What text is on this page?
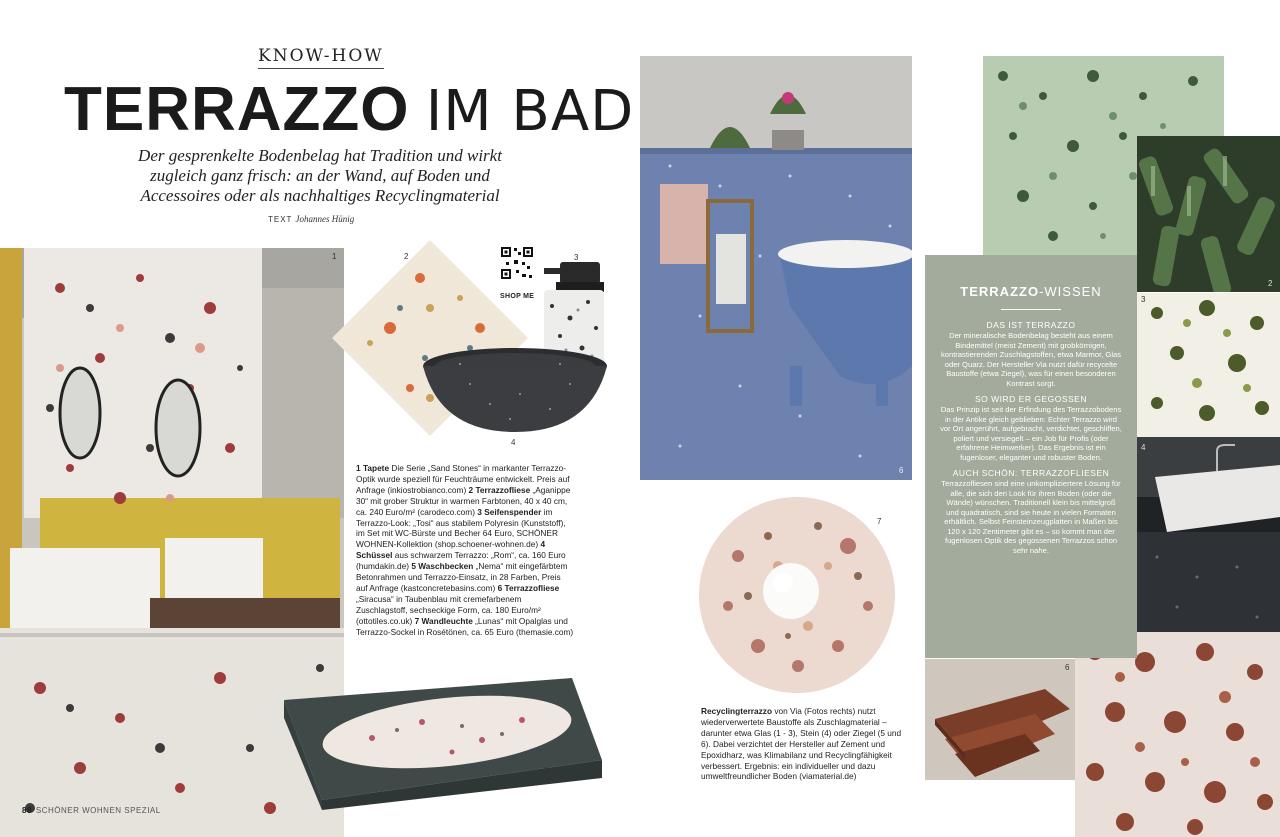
KNOW-HOW
TERRAZZO IM BAD
Der gesprenkelte Bodenbelag hat Tradition und wirkt zugleich ganz frisch: an der Wand, auf Boden und Accessoires oder als nachhaltiges Recyclingmaterial
TEXT Johannes Hünig
1	2
SHOP ME
3
4
1 Tapete Die Serie „Sand Stones“ in markanter Terrazzo-Optik wurde speziell für Feuchträume entwickelt. Preis auf Anfrage (inkiostrobianco.com) 2 Terrazzofliese „Aganippe 30“ mit grober Struktur in warmen Farbtonen, 40 x 40 cm, ca. 240 Euro/m² (carodeco.com) 3 Seifenspender im Terrazzo-Look: „Tosi“ aus stabilem Polyresin (Kunststoff), im Set mit WC-Bürste und Becher 64 Euro, SCHÖNER WOHNEN-Kollektion (shop.schoener-wohnen.de) 4 Schüssel aus schwarzem Terrazzo: „Rom“, ca. 160 Euro (humdakin.de) 5 Waschbecken „Nema“ mit eingefärbtem Betonrahmen und Terrazzo-Einsatz, in 28 Farben, Preis auf Anfrage (kastconcretebasins.com) 6 Terrazzofliese „Siracusa“ in Taubenblau mit cremefarbenem Zuschlagstoff, sechseckige Form, ca. 180 Euro/m² (ottotiles.co.uk) 7 Wandleuchte „Lunas“ mit Opalglas und Terrazzo-Sockel in Rosétönen, ca. 65 Euro (themasie.com)
5
88 SCHÖNER WOHNEN SPEZIAL
6
7
Recyclingterrazzo von Via (Fotos rechts) nutzt wiederverwertete Baustoffe als Zuschlagmaterial – darunter etwa Glas (1 - 3), Stein (4) oder Ziegel (5 und 6). Dabei verzichtet der Hersteller auf Zement und Epoxidharz, was Klimabilanz und Recyclingfähigkeit verbessert. Ergebnis: ein individueller und dazu umweltfreundlicher Boden (viamaterial.de)
3
2
4
6
TERRAZZO-WISSEN
DAS IST TERRAZZO

Der mineralische Bodenbelag besteht aus einem Bindemittel (meist Zement) mit grobkörnigen, kontrastierenden Zuschlagstoffen, etwa Marmor, Glas oder Quarz. Der Hersteller Via nutzt dafür recycelte Baustoffe (etwa Ziegel), was für einen besonderen Kontrast sorgt.

SO WIRD ER GEGOSSEN

Das Prinzip ist seit der Erfindung des Terrazzobodens in der Antike gleich geblieben: Echter Terrazzo wird vor Ort angerührt, aufgebracht, verdichtet, geschliffen, poliert und versiegelt – ein Job für Profis (oder erfahrene Heimwerker). Das Ergebnis ist ein fugenloser, eleganter und robuster Boden.

AUCH SCHÖN: TERRAZZOFLIESEN

Terrazzofliesen sind eine unkompliziertere Lösung für alle, die sich den Look für ihren Boden (oder die Wände) wünschen. Traditionell klein bis mittelgroß und quadratisch, sind sie heute in vielen Formaten erhältlich. Selbst Feinsteinzeugplatten in Maßen bis 120 x 120 Zentimeter gibt es – so kommt man der fugenlosen Optik des gegossenen Terrazzos schon sehr nahe.

5
